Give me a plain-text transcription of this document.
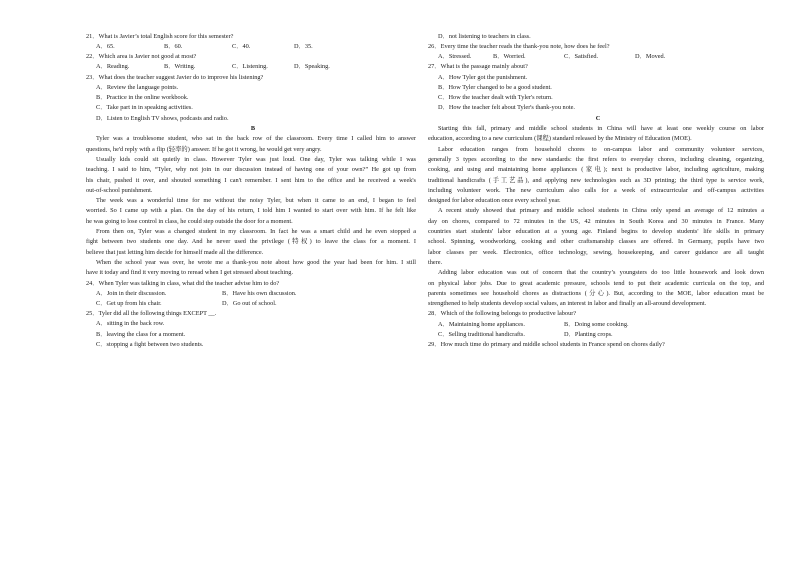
21．What is Javier’s total English score for this semester?
A．65.	B．60.	C．40.	D．35.
22．Which area is Javier not good at most?
A．Reading.	B．Writing.	C．Listening.	D．Speaking.
23．What does the teacher suggest Javier do to improve his listening?
A．Review the language points.
B．Practice in the online workbook.
C．Take part in in speaking activities.
D．Listen to English TV shows, podcasts and radio.
B
Tyler was a troublesome student, who sat in the back row of the classroom. Every time I called him to answer
questions, he'd reply with a flip (轻率的) answer. If he got it wrong, he would get very angry.
Usually kids could sit quietly in class. However Tyler was just loud. One day, Tyler was talking while I was
teaching. I said to him, “Tyler, why not join in our discussion instead of having one of your own?” He got up from
his chair, pushed it over, and shouted something I can't remember. I sent him to the office and he received a week's
out-of-school punishment.
The week was a wonderful time for me without the noisy Tyler, but when it came to an end, I began to feel
worried. So I came up with a plan. On the day of his return, I told him I wanted to start over with him. If he felt like
he was going to lose control in class, he could step outside the door for a moment.
From then on, Tyler was a changed student in my classroom. In fact he was a smart child and he even stopped a
fight between two students one day. And he never used the privilege (特权) to leave the class for a moment. I
believe that just letting him decide for himself made all the difference.
When the school year was over, he wrote me a thank-you note about how good the year had been for him. I still
have it today and find it very moving to reread when I get stressed about teaching.
24．When Tyler was talking in class, what did the teacher advise him to do?
A．Join in their discussion.	B．Have his own discussion.
C．Get up from his chair.	D．Go out of school.
25．Tyler did all the following things EXCEPT __.
A．sitting in the back row.
B．leaving the class for a moment.
C．stopping a fight between two students.
D．not listening to teachers in class.
26．Every time the teacher reads the thank-you note, how does he feel?
A．Stressed.	B．Worried.	C．Satisfied.	D．Moved.
27．What is the passage mainly about?
A．How Tyler got the punishment.
B．How Tyler changed to be a good student.
C．How the teacher dealt with Tyler's return.
D．How the teacher felt about Tyler's thank-you note.
C
Starting this fall, primary and middle school students in China will have at least one weekly course on labor
education, according to a new curriculum (课程) standard released by the Ministry of Education (MOE).
Labor education ranges from household chores to on-campus labor and community volunteer services,
generally 3 types according to the new standards: the first refers to everyday chores, including cleaning, organizing,
cooking, and using and maintaining home appliances (家电); next is productive labor, including agriculture, making
traditional handicrafts (手工艺品), and applying new technologies such as 3D printing; the third type is service work,
including volunteer work. The new curriculum also calls for a week of extracurricular and off-campus activities
designed for labor education once every school year.
A recent study showed that primary and middle school students in China only spend an average of 12 minutes a
day on chores, compared to 72 minutes in the US, 42 minutes in South Korea and 30 minutes in France. Many
countries start students' labor education at a young age. Finland begins to develop students' life skills in primary
school. Spinning, woodworking, cooking and other craftsmanship classes are offered. In Germany, pupils have two
labor classes per week. Electronics, office technology, sewing, housekeeping, and career guidance are all taught
there.
Adding labor education was out of concern that the country’s youngsters do too little housework and look down
on physical labor jobs. Due to great academic pressure, schools tend to put their academic curricula on the top, and
parents sometimes see household chores as distractions (分心). But, according to the MOE, labor education must be
strengthened to help students develop social values, an interest in labor and finally an all-around development.
28．Which of the following belongs to productive labour?
A．Maintaining home appliances.	B．Doing some cooking.
C．Selling traditional handicrafts.	D．Planting crops.
29．How much time do primary and middle school students in France spend on chores daily?
